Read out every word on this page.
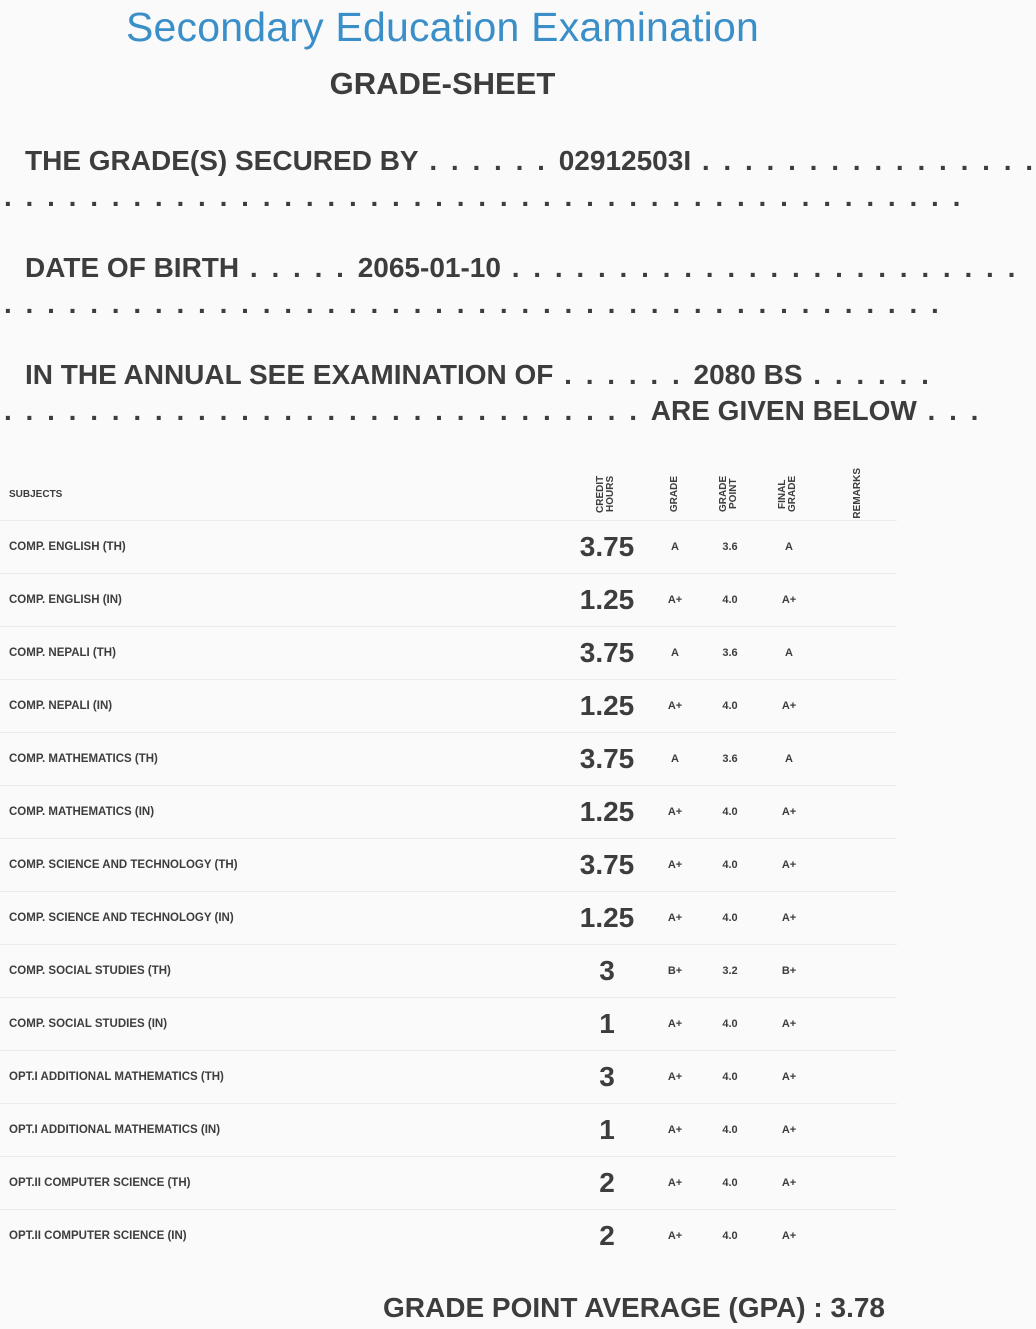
Secondary Education Examination
GRADE-SHEET
THE GRADE(S) SECURED BY . . . . . . 02912503I . . . . . . . . . . . . . . . .
. . . . . . . . . . . . . . . . . . . . . . . . . . . . . . . . . . . . . . . . . . . . .
DATE OF BIRTH . . . . . 2065-01-10 . . . . . . . . . . . . . . . . . . . . . . . .
. . . . . . . . . . . . . . . . . . . . . . . . . . . . . . . . . . . . . . . . . . . .
IN THE ANNUAL SEE EXAMINATION OF . . . . . . 2080 BS . . . . . .
. . . . . . . . . . . . . . . . . . . . . . . . . . . . . . ARE GIVEN BELOW . . .
SUBJECTS	CREDIT HOURS	GRADE	GRADE POINT	FINAL GRADE	REMARKS

COMP. ENGLISH (TH)	3.75	A	3.6	A	
COMP. ENGLISH (IN)	1.25	A+	4.0	A+	
COMP. NEPALI (TH)	3.75	A	3.6	A	
COMP. NEPALI (IN)	1.25	A+	4.0	A+	
COMP. MATHEMATICS (TH)	3.75	A	3.6	A	
COMP. MATHEMATICS (IN)	1.25	A+	4.0	A+	
COMP. SCIENCE AND TECHNOLOGY (TH)	3.75	A+	4.0	A+	
COMP. SCIENCE AND TECHNOLOGY (IN)	1.25	A+	4.0	A+	
COMP. SOCIAL STUDIES (TH)	3	B+	3.2	B+	
COMP. SOCIAL STUDIES (IN)	1	A+	4.0	A+	
OPT.I ADDITIONAL MATHEMATICS (TH)	3	A+	4.0	A+	
OPT.I ADDITIONAL MATHEMATICS (IN)	1	A+	4.0	A+	
OPT.II COMPUTER SCIENCE (TH)	2	A+	4.0	A+	
OPT.II COMPUTER SCIENCE (IN)	2	A+	4.0	A+	
GRADE POINT AVERAGE (GPA) : 3.78
